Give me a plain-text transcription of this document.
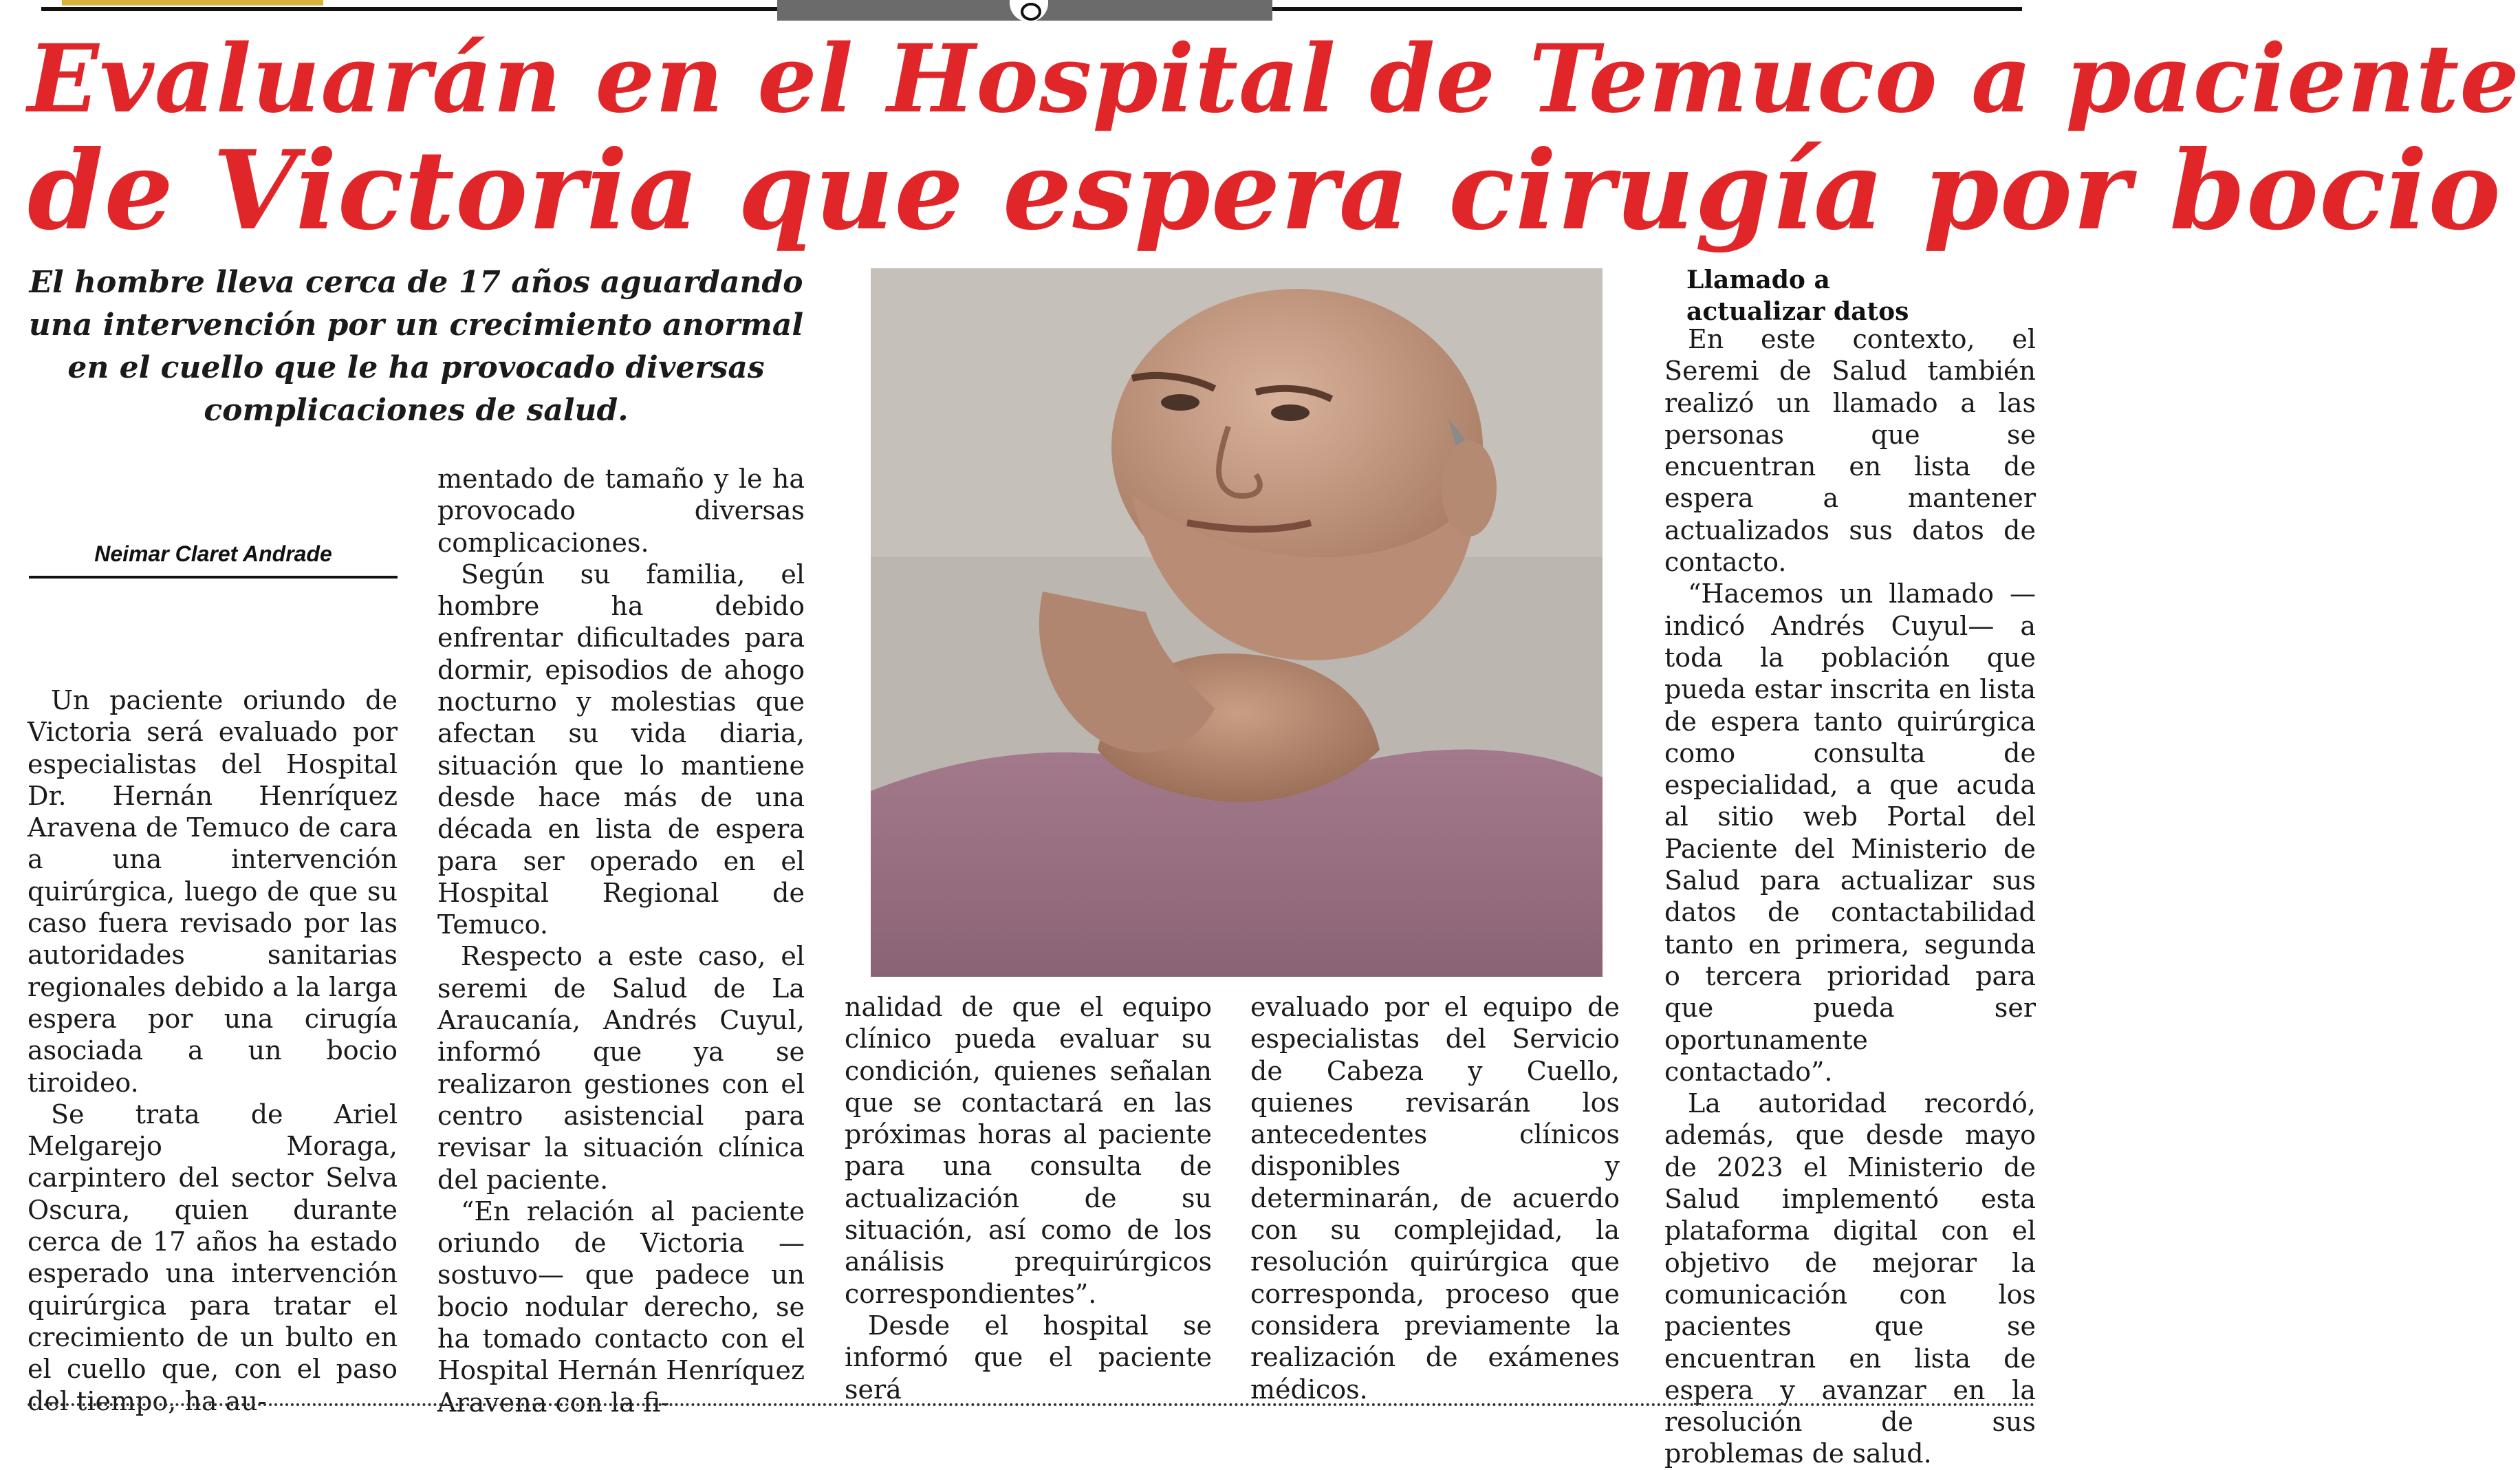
Evaluarán en el Hospital de Temuco a paciente
de Victoria que espera cirugía por bocio
El hombre lleva cerca de 17 años aguardando una intervención por un crecimiento anormal en el cuello que le ha provocado diversas complicaciones de salud.
Neimar Claret Andrade

Un paciente oriundo de Victoria será evaluado por especialistas del Hospital Dr. Hernán Henríquez Aravena de Temuco de cara a una intervención quirúrgica, luego de que su caso fuera revisado por las autoridades sanitarias regionales debido a la larga espera por una cirugía asociada a un bocio tiroideo.

Se trata de Ariel Melgarejo Moraga, carpintero del sector Selva Oscura, quien durante cerca de 17 años ha estado esperado una intervención quirúrgica para tratar el crecimiento de un bulto en el cuello que, con el paso del tiempo, ha au-

mentado de tamaño y le ha provocado diversas complicaciones.

Según su familia, el hombre ha debido enfrentar dificultades para dormir, episodios de ahogo nocturno y molestias que afectan su vida diaria, situación que lo mantiene desde hace más de una década en lista de espera para ser operado en el Hospital Regional de Temuco.

Respecto a este caso, el seremi de Salud de La Araucanía, Andrés Cuyul, informó que ya se realizaron gestiones con el centro asistencial para revisar la situación clínica del paciente.

“En relación al paciente oriundo de Victoria —sostuvo— que padece un bocio nodular derecho, se ha tomado contacto con el Hospital Hernán Henríquez Aravena con la fi-

nalidad de que el equipo clínico pueda evaluar su condición, quienes señalan que se contactará en las próximas horas al paciente para una consulta de actualización de su situación, así como de los análisis prequirúrgicos correspondientes”.

Desde el hospital se informó que el paciente será

evaluado por el equipo de especialistas del Servicio de Cabeza y Cuello, quienes revisarán los antecedentes clínicos disponibles y determinarán, de acuerdo con su complejidad, la resolución quirúrgica que corresponda, proceso que considera previamente la realización de exámenes médicos.

Llamado a
actualizar datos

En este contexto, el Seremi de Salud también realizó un llamado a las personas que se encuentran en lista de espera a mantener actualizados sus datos de contacto.

“Hacemos un llamado —indicó Andrés Cuyul— a toda la población que pueda estar inscrita en lista de espera tanto quirúrgica como consulta de especialidad, a que acuda al sitio web Portal del Paciente del Ministerio de Salud para actualizar sus datos de contactabilidad tanto en primera, segunda o tercera prioridad para que pueda ser oportunamente contactado”.

La autoridad recordó, además, que desde mayo de 2023 el Ministerio de Salud implementó esta plataforma digital con el objetivo de mejorar la comunicación con los pacientes que se encuentran en lista de espera y avanzar en la resolución de sus problemas de salud.
